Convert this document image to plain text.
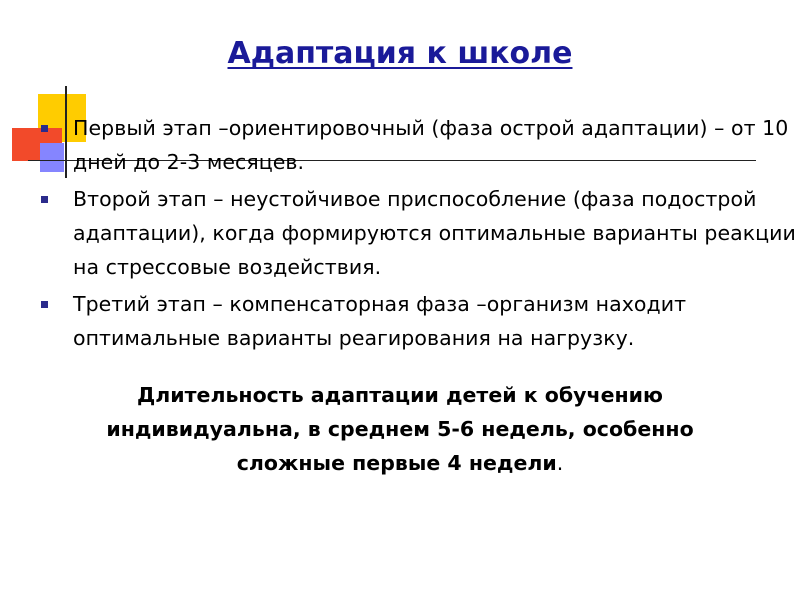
Адаптация к школе
Первый этап –ориентировочный (фаза острой адаптации) – от 10 дней до 2-3 месяцев.
Второй этап – неустойчивое приспособление (фаза подострой адаптации), когда формируются оптимальные варианты реакции на стрессовые воздействия.
Третий этап – компенсаторная фаза –организм находит оптимальные варианты реагирования на нагрузку.
Длительность адаптации детей к обучению индивидуальна, в среднем 5-6 недель, особенно сложные первые 4 недели.
